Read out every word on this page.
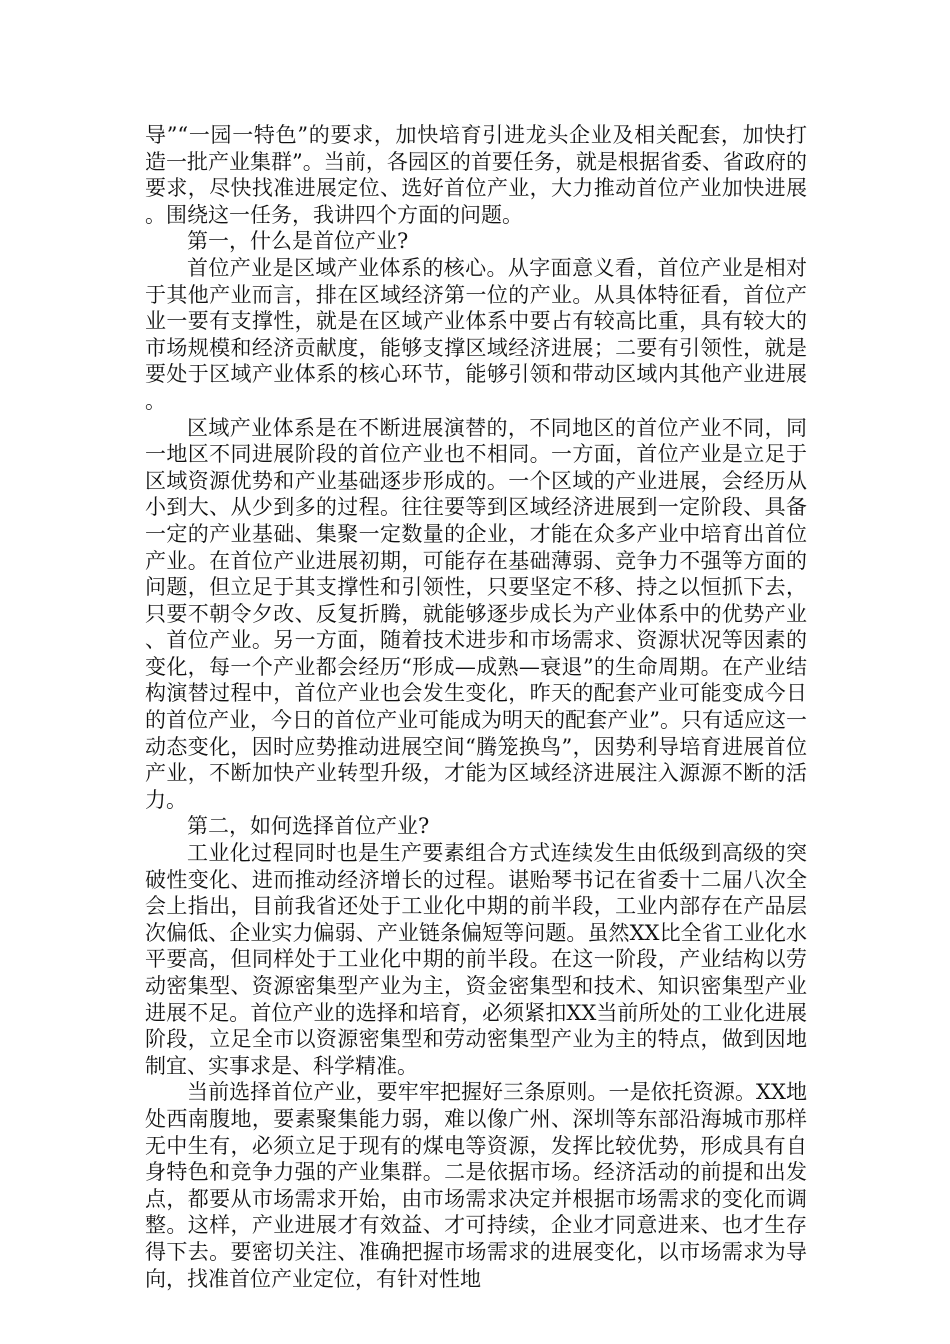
导”“一园一特色”的要求，加快培育引进龙头企业及相关配套，加快打造一批产业集群”。当前，各园区的首要任务，就是根据省委、省政府的要求，尽快找准进展定位、选好首位产业，大力推动首位产业加快进展。围绕这一任务，我讲四个方面的问题。

第一，什么是首位产业?

首位产业是区域产业体系的核心。从字面意义看，首位产业是相对于其他产业而言，排在区域经济第一位的产业。从具体特征看，首位产业一要有支撑性，就是在区域产业体系中要占有较高比重，具有较大的市场规模和经济贡献度，能够支撑区域经济进展；二要有引领性，就是要处于区域产业体系的核心环节，能够引领和带动区域内其他产业进展。

区域产业体系是在不断进展演替的，不同地区的首位产业不同，同一地区不同进展阶段的首位产业也不相同。一方面，首位产业是立足于区域资源优势和产业基础逐步形成的。一个区域的产业进展，会经历从小到大、从少到多的过程。往往要等到区域经济进展到一定阶段、具备一定的产业基础、集聚一定数量的企业，才能在众多产业中培育出首位产业。在首位产业进展初期，可能存在基础薄弱、竞争力不强等方面的问题，但立足于其支撑性和引领性，只要坚定不移、持之以恒抓下去，只要不朝令夕改、反复折腾，就能够逐步成长为产业体系中的优势产业、首位产业。另一方面，随着技术进步和市场需求、资源状况等因素的变化，每一个产业都会经历“形成—成熟—衰退”的生命周期。在产业结构演替过程中，首位产业也会发生变化，昨天的配套产业可能变成今日的首位产业，今日的首位产业可能成为明天的配套产业”。只有适应这一动态变化，因时应势推动进展空间“腾笼换鸟”，因势利导培育进展首位产业，不断加快产业转型升级，才能为区域经济进展注入源源不断的活力。

第二，如何选择首位产业?

工业化过程同时也是生产要素组合方式连续发生由低级到高级的突破性变化、进而推动经济增长的过程。谌贻琴书记在省委十二届八次全会上指出，目前我省还处于工业化中期的前半段，工业内部存在产品层次偏低、企业实力偏弱、产业链条偏短等问题。虽然XX比全省工业化水平要高，但同样处于工业化中期的前半段。在这一阶段，产业结构以劳动密集型、资源密集型产业为主，资金密集型和技术、知识密集型产业进展不足。首位产业的选择和培育，必须紧扣XX当前所处的工业化进展阶段，立足全市以资源密集型和劳动密集型产业为主的特点，做到因地制宜、实事求是、科学精准。

当前选择首位产业，要牢牢把握好三条原则。一是依托资源。XX地处西南腹地，要素聚集能力弱，难以像广州、深圳等东部沿海城市那样无中生有，必须立足于现有的煤电等资源，发挥比较优势，形成具有自身特色和竞争力强的产业集群。二是依据市场。经济活动的前提和出发点，都要从市场需求开始，由市场需求决定并根据市场需求的变化而调整。这样，产业进展才有效益、才可持续，企业才同意进来、也才生存得下去。要密切关注、准确把握市场需求的进展变化，以市场需求为导向，找准首位产业定位，有针对性地
